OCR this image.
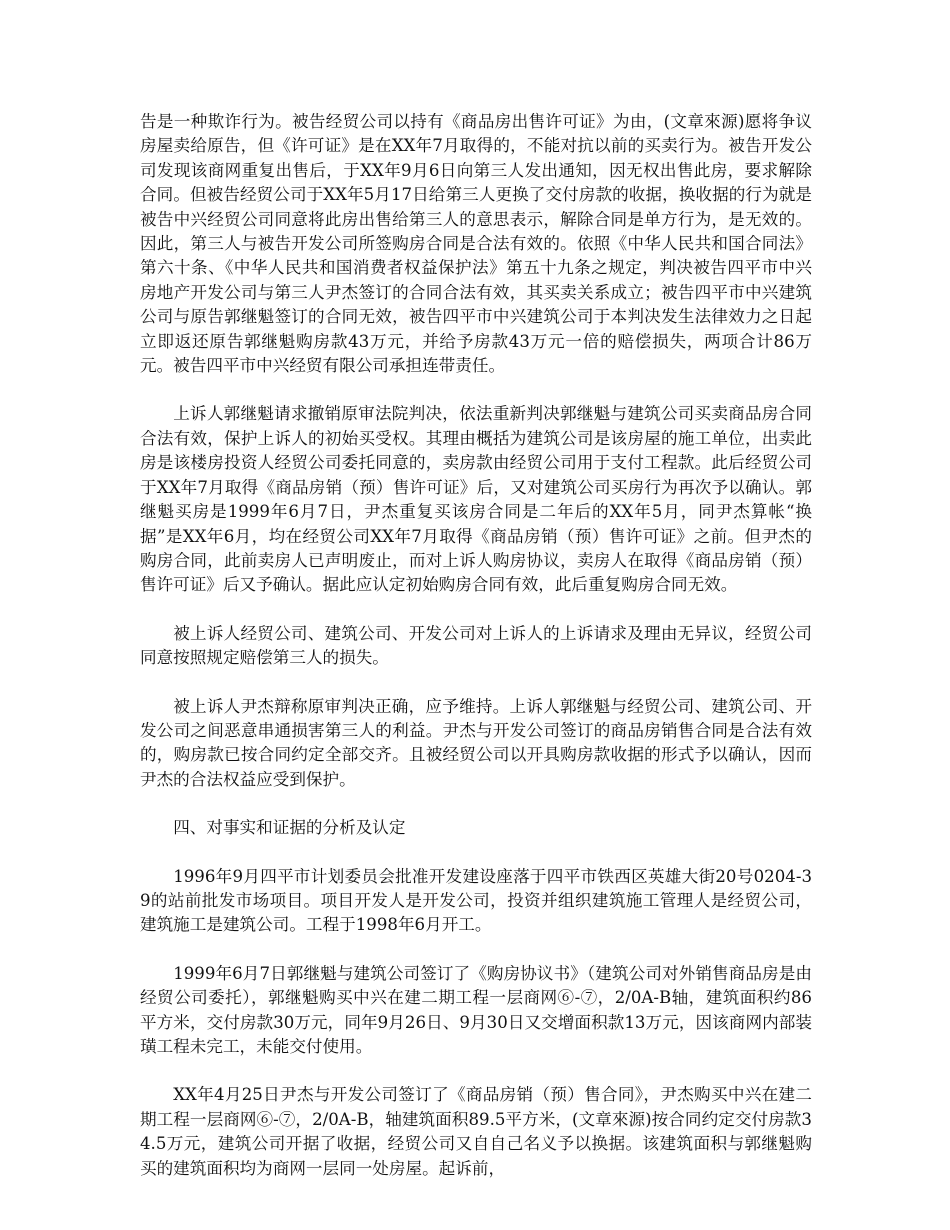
告是一种欺诈行为。被告经贸公司以持有《商品房出售许可证》为由，(文章來源)愿将争议房屋卖给原告，但《许可证》是在XX年7月取得的，不能对抗以前的买卖行为。被告开发公司发现该商网重复出售后，于XX年9月6日向第三人发出通知，因无权出售此房，要求解除合同。但被告经贸公司于XX年5月17日给第三人更换了交付房款的收据，换收据的行为就是被告中兴经贸公司同意将此房出售给第三人的意思表示，解除合同是单方行为，是无效的。因此，第三人与被告开发公司所签购房合同是合法有效的。依照《中华人民共和国合同法》第六十条、《中华人民共和国消费者权益保护法》第五十九条之规定，判决被告四平市中兴房地产开发公司与第三人尹杰签订的合同合法有效，其买卖关系成立；被告四平市中兴建筑公司与原告郭继魁签订的合同无效，被告四平市中兴建筑公司于本判决发生法律效力之日起立即返还原告郭继魁购房款43万元，并给予房款43万元一倍的赔偿损失，两项合计86万元。被告四平市中兴经贸有限公司承担连带责任。

上诉人郭继魁请求撤销原审法院判决，依法重新判决郭继魁与建筑公司买卖商品房合同合法有效，保护上诉人的初始买受权。其理由概括为建筑公司是该房屋的施工单位，出卖此房是该楼房投资人经贸公司委托同意的，卖房款由经贸公司用于支付工程款。此后经贸公司于XX年7月取得《商品房销（预）售许可证》后，又对建筑公司买房行为再次予以确认。郭继魁买房是1999年6月7日，尹杰重复买该房合同是二年后的XX年5月，同尹杰算帐“换据”是XX年6月，均在经贸公司XX年7月取得《商品房销（预）售许可证》之前。但尹杰的购房合同，此前卖房人已声明废止，而对上诉人购房协议，卖房人在取得《商品房销（预）售许可证》后又予确认。据此应认定初始购房合同有效，此后重复购房合同无效。

被上诉人经贸公司、建筑公司、开发公司对上诉人的上诉请求及理由无异议，经贸公司同意按照规定赔偿第三人的损失。

被上诉人尹杰辩称原审判决正确，应予维持。上诉人郭继魁与经贸公司、建筑公司、开发公司之间恶意串通损害第三人的利益。尹杰与开发公司签订的商品房销售合同是合法有效的，购房款已按合同约定全部交齐。且被经贸公司以开具购房款收据的形式予以确认，因而尹杰的合法权益应受到保护。

四、对事实和证据的分析及认定

1996年9月四平市计划委员会批准开发建设座落于四平市铁西区英雄大街20号0204-39的站前批发市场项目。项目开发人是开发公司，投资并组织建筑施工管理人是经贸公司，建筑施工是建筑公司。工程于1998年6月开工。

1999年6月7日郭继魁与建筑公司签订了《购房协议书》（建筑公司对外销售商品房是由经贸公司委托），郭继魁购买中兴在建二期工程一层商网⑥-⑦，2/0A-B轴，建筑面积约86平方米，交付房款30万元，同年9月26日、9月30日又交增面积款13万元，因该商网内部装璜工程未完工，未能交付使用。

XX年4月25日尹杰与开发公司签订了《商品房销（预）售合同》，尹杰购买中兴在建二期工程一层商网⑥-⑦，2/0A-B，轴建筑面积89.5平方米，(文章來源)按合同约定交付房款34.5万元，建筑公司开据了收据，经贸公司又自自己名义予以换据。该建筑面积与郭继魁购买的建筑面积均为商网一层同一处房屋。起诉前，
